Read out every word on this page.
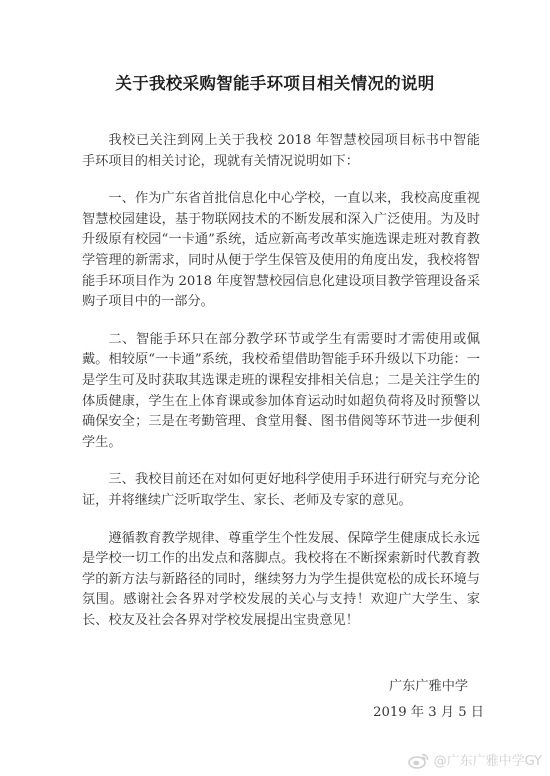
关于我校采购智能手环项目相关情况的说明

我校已关注到网上关于我校 2018 年智慧校园项目标书中智能手环项目的相关讨论，现就有关情况说明如下：

一、作为广东省首批信息化中心学校，一直以来，我校高度重视智慧校园建设，基于物联网技术的不断发展和深入广泛使用。为及时升级原有校园“一卡通”系统，适应新高考改革实施选课走班对教育教学管理的新需求，同时从便于学生保管及使用的角度出发，我校将智能手环项目作为 2018 年度智慧校园信息化建设项目教学管理设备采购子项目中的一部分。

二、智能手环只在部分教学环节或学生有需要时才需使用或佩戴。相较原“一卡通”系统，我校希望借助智能手环升级以下功能：一是学生可及时获取其选课走班的课程安排相关信息；二是关注学生的体质健康，学生在上体育课或参加体育运动时如超负荷将及时预警以确保安全；三是在考勤管理、食堂用餐、图书借阅等环节进一步便利学生。

三、我校目前还在对如何更好地科学使用手环进行研究与充分论证，并将继续广泛听取学生、家长、老师及专家的意见。

遵循教育教学规律、尊重学生个性发展、保障学生健康成长永远是学校一切工作的出发点和落脚点。我校将在不断探索新时代教育教学的新方法与新路径的同时，继续努力为学生提供宽松的成长环境与氛围。感谢社会各界对学校发展的关心与支持！欢迎广大学生、家长、校友及社会各界对学校发展提出宝贵意见！

广东广雅中学
2019 年 3 月 5 日
@广东广雅中学GY
